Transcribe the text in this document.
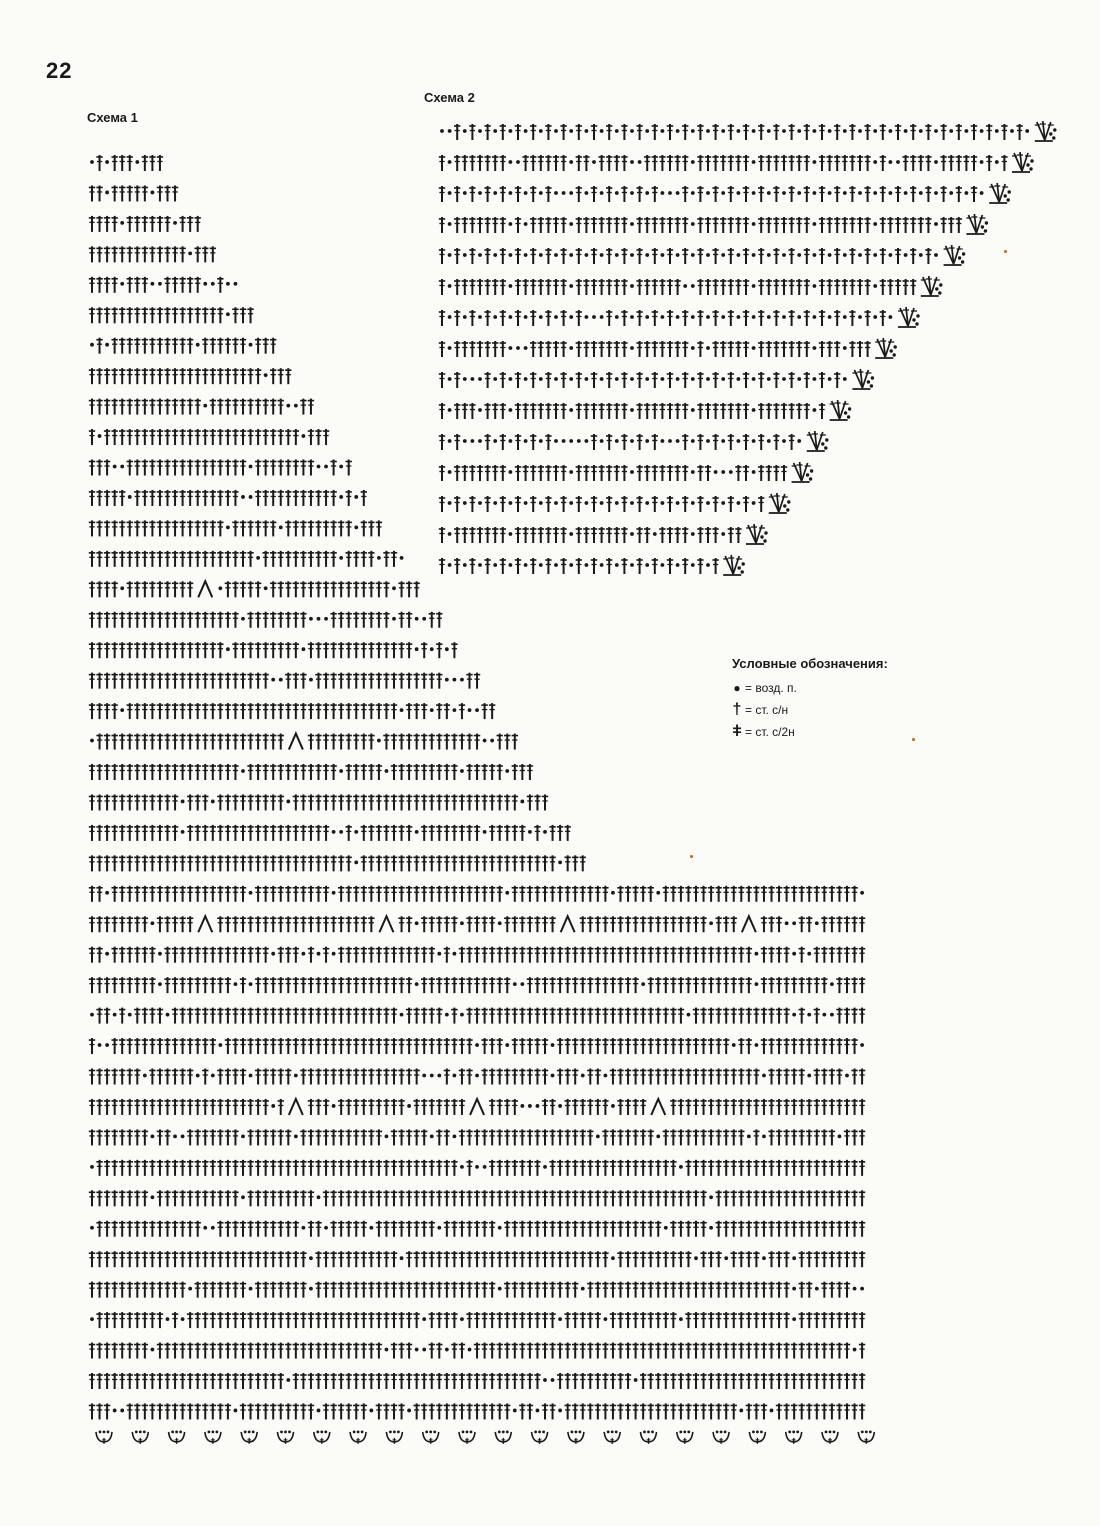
22
Схема 1
Схема 2
Условные обозначения:
● = возд. п.
† = ст. с/н
ǂ = ст. с/2н
